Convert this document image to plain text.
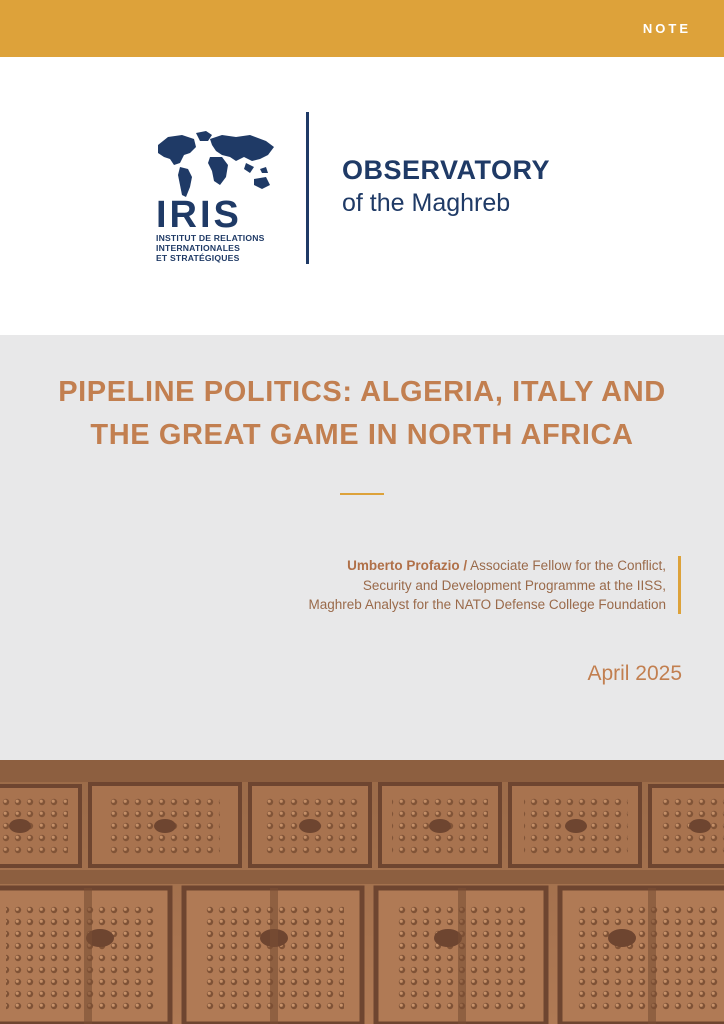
NOTE
IRIS
INSTITUT DE RELATIONS
INTERNATIONALES
ET STRATÉGIQUES
OBSERVATORY
of the Maghreb
PIPELINE POLITICS: ALGERIA, ITALY AND
THE GREAT GAME IN NORTH AFRICA
Umberto Profazio / Associate Fellow for the Conflict,
Security and Development Programme at the IISS,
Maghreb Analyst for the NATO Defense College Foundation
April 2025
